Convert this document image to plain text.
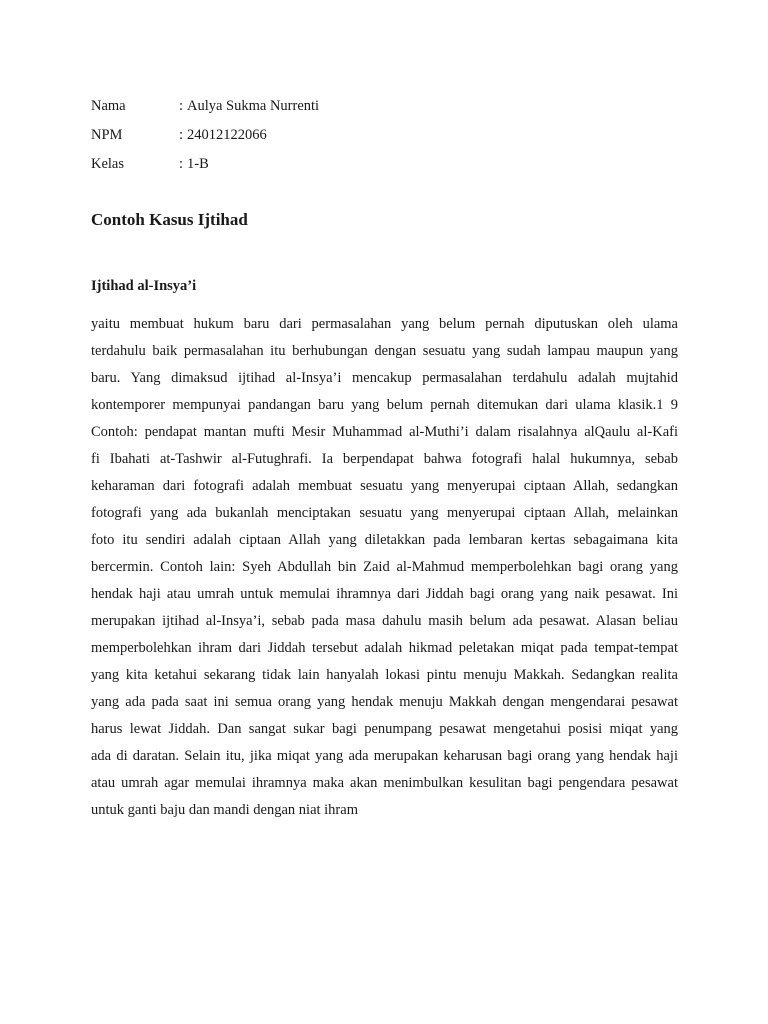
Nama	: Aulya Sukma Nurrenti
NPM	: 24012122066
Kelas	: 1-B
Contoh Kasus Ijtihad
Ijtihad al-Insya’i
yaitu membuat hukum baru dari permasalahan yang belum pernah diputuskan oleh ulama
terdahulu baik permasalahan itu berhubungan dengan sesuatu yang sudah lampau maupun yang
baru. Yang dimaksud ijtihad al-Insya’i mencakup permasalahan terdahulu adalah mujtahid
kontemporer mempunyai pandangan baru yang belum pernah ditemukan dari ulama klasik.1 9
Contoh: pendapat mantan mufti Mesir Muhammad al-Muthi’i dalam risalahnya alQaulu al-Kafi
fi Ibahati at-Tashwir al-Futughrafi. Ia berpendapat bahwa fotografi halal hukumnya, sebab
keharaman dari fotografi adalah membuat sesuatu yang menyerupai ciptaan Allah, sedangkan
fotografi yang ada bukanlah menciptakan sesuatu yang menyerupai ciptaan Allah, melainkan
foto itu sendiri adalah ciptaan Allah yang diletakkan pada lembaran kertas sebagaimana kita
bercermin. Contoh lain: Syeh Abdullah bin Zaid al-Mahmud memperbolehkan bagi orang yang
hendak haji atau umrah untuk memulai ihramnya dari Jiddah bagi orang yang naik pesawat. Ini
merupakan ijtihad al-Insya’i, sebab pada masa dahulu masih belum ada pesawat. Alasan beliau
memperbolehkan ihram dari Jiddah tersebut adalah hikmad peletakan miqat pada tempat-tempat
yang kita ketahui sekarang tidak lain hanyalah lokasi pintu menuju Makkah. Sedangkan realita
yang ada pada saat ini semua orang yang hendak menuju Makkah dengan mengendarai pesawat
harus lewat Jiddah. Dan sangat sukar bagi penumpang pesawat mengetahui posisi miqat yang
ada di daratan. Selain itu, jika miqat yang ada merupakan keharusan bagi orang yang hendak haji
atau umrah agar memulai ihramnya maka akan menimbulkan kesulitan bagi pengendara pesawat
untuk ganti baju dan mandi dengan niat ihram
